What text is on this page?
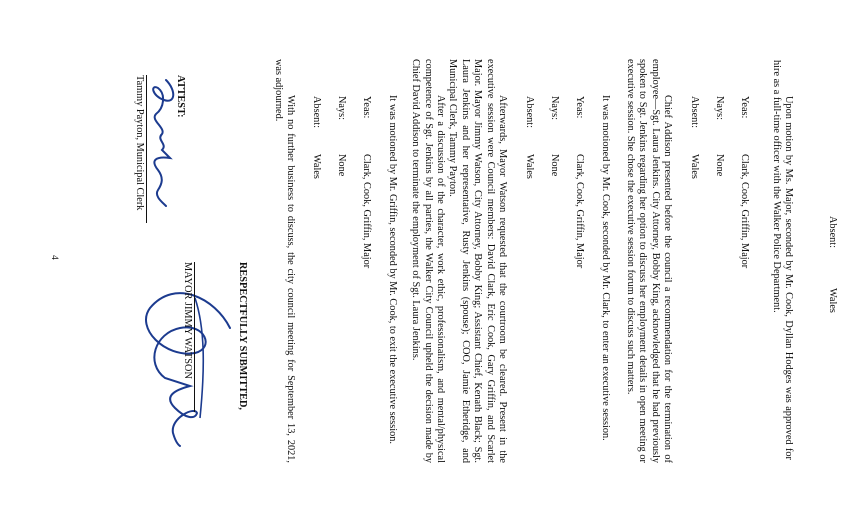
Absent:
Wales
Upon motion by Ms. Major, seconded by Mr. Cook, Dyllan Hodges was approved for hire as a full-time officer with the Walker Police Department.
Yeas:
Clark, Cook, Griffin, Major
Nays:
None
Absent:
Wales
Chief Addison presented before the council a recommendation for the termination of employee—Sgt. Laura Jenkins. City Attorney, Bobby King, acknowledged that he had previously spoken to Sgt. Jenkins regarding her option to discuss her employment details in open meeting or executive session. She chose the executive session forum to discuss such matters.
It was motioned by Mr. Cook, seconded by Mr. Clark, to enter an executive session.
Yeas:
Clark, Cook, Griffin, Major
Nays:
None
Absent:
Wales
Afterwards, Mayor Watson requested that the courtroom be cleared. Present in the executive session were Council members: David Clark, Eric Cook, Gary Griffin, and Scarlet Major. Mayor Jimmy Watson, City Attorney, Bobby King; Assistant Chief, Kenath Black; Sgt. Laura Jenkins and her representative, Rusty Jenkins (spouse); COO, Jamie Etheridge, and Municipal Clerk, Tammy Payton.
After a discussion of the character, work ethic, professionalism, and mental/physical competence of Sgt. Jenkins by all parties, the Walker City Council upheld the decision made by Chief David Addison to terminate the employment of Sgt. Laura Jenkins.
It was motioned by Mr. Griffin, seconded by Mr. Cook, to exit the executive session.
Yeas:
Clark, Cook, Griffin, Major
Nays:
None
Absent:
Wales
With no further business to discuss, the city council meeting for September 13, 2021, was adjourned.
RESPECTFULLY SUBMITTED,
MAYOR JIMMY WATSON
ATTEST:
Tammy Payton, Municipal Clerk
4
